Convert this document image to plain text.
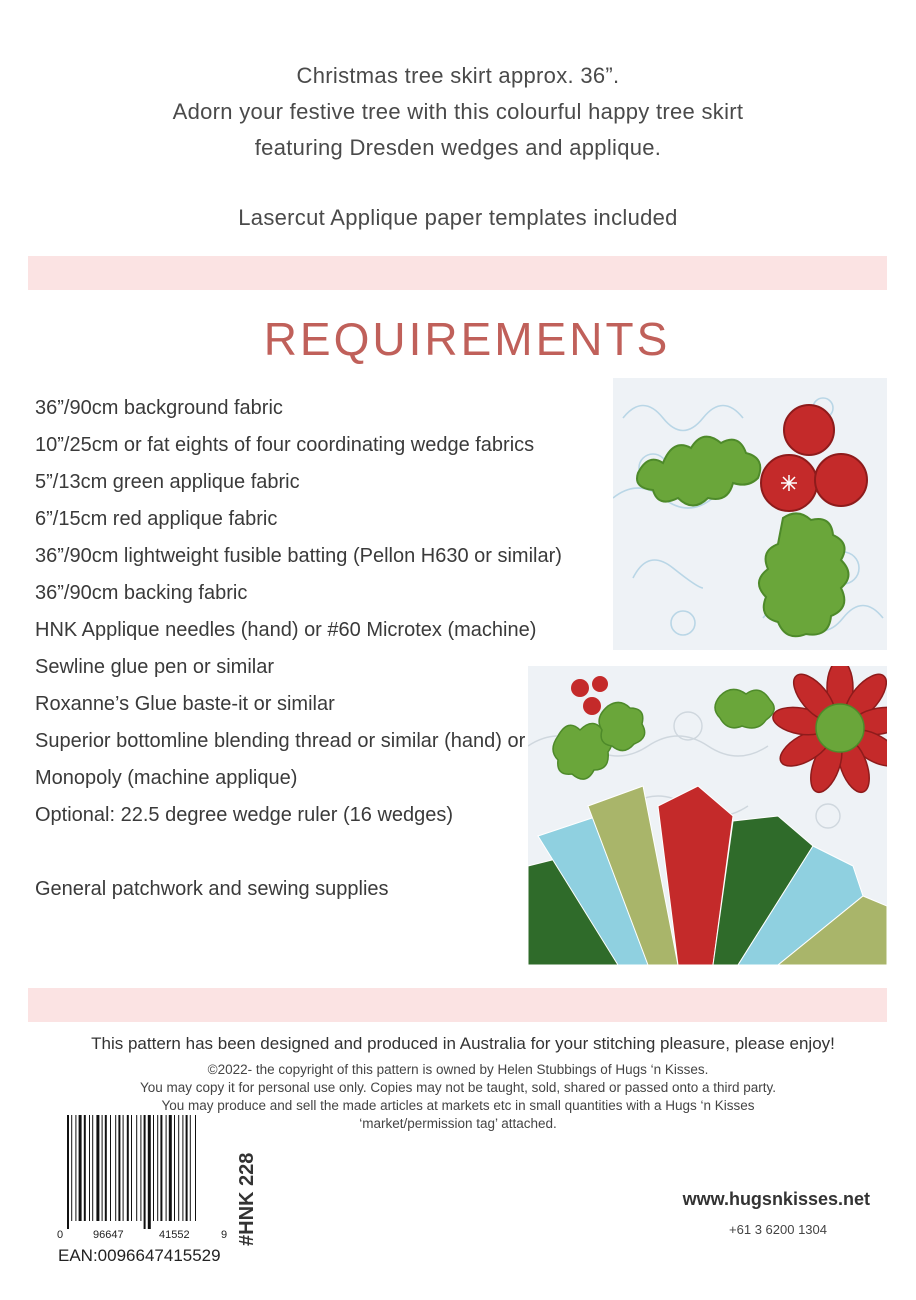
Christmas tree skirt approx. 36”.
Adorn your festive tree with this colourful happy tree skirt
featuring Dresden wedges and applique.
Lasercut Applique paper templates included
REQUIREMENTS
36”/90cm background fabric
10”/25cm or fat eights of four coordinating wedge fabrics
5”/13cm green applique fabric
6”/15cm red applique fabric
36”/90cm lightweight fusible batting (Pellon H630 or similar)
36”/90cm backing fabric
HNK Applique needles (hand) or #60 Microtex (machine)
Sewline glue pen or similar
Roxanne’s Glue baste-it or similar
Superior bottomline blending thread or similar (hand) or
Monopoly (machine applique)
Optional: 22.5 degree wedge ruler (16 wedges)
General patchwork and sewing supplies
This pattern has been designed and produced in Australia for your stitching pleasure, please enjoy!
©2022- the copyright of this pattern is owned by Helen Stubbings of Hugs ‘n Kisses.
You may copy it for personal use only. Copies may not be taught, sold, shared or passed onto a third party.
You may produce and sell the made articles at markets etc in small quantities with a Hugs ‘n Kisses
‘market/permission tag’ attached.
0	96647	41552	9
EAN:0096647415529
#HNK 228	www.hugsnkisses.net
+61 3 6200 1304
